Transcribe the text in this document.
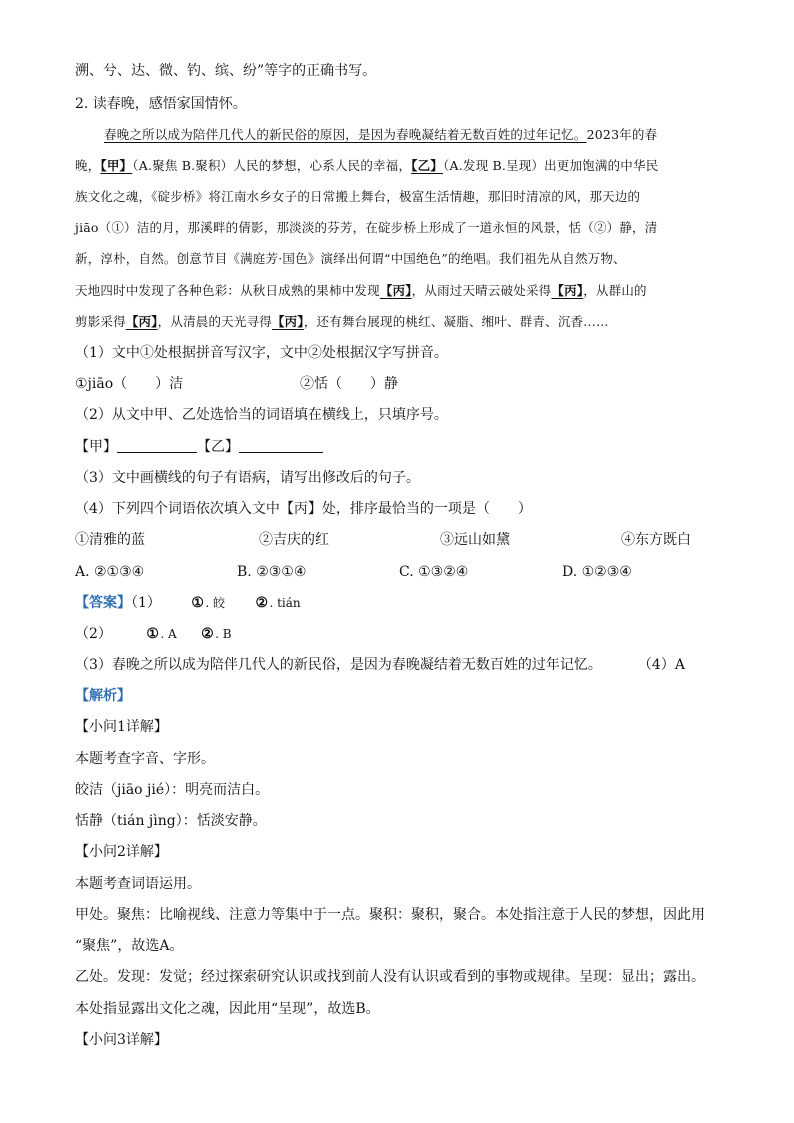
溯、兮、达、微、钓、缤、纷”等字的正确书写。
2. 读春晚，感悟家国情怀。
春晚之所以成为陪伴几代人的新民俗的原因，是因为春晚凝结着无数百姓的过年记忆。2023年的春
晚，【甲】（A.聚焦 B.聚积）人民的梦想，心系人民的幸福，【乙】（A.发现 B.呈现）出更加饱满的中华民
族文化之魂，《碇步桥》将江南水乡女子的日常搬上舞台，极富生活情趣，那旧时清凉的风，那天边的
jiāo（①）洁的月，那溪畔的倩影，那淡淡的芬芳，在碇步桥上形成了一道永恒的风景，恬（②）静，清
新，淳朴，自然。创意节目《满庭芳·国色》演绎出何谓“中国绝色”的绝唱。我们祖先从自然万物、
天地四时中发现了各种色彩：从秋日成熟的果柿中发现【丙】，从雨过天晴云破处采得【丙】，从群山的
剪影采得【丙】，从清晨的天光寻得【丙】，还有舞台展现的桃红、凝脂、缃叶、群青、沉香……
（1）文中①处根据拼音写汉字，文中②处根据汉字写拼音。
①jiāo（　　）洁	②恬（　　）静
（2）从文中甲、乙处选恰当的词语填在横线上，只填序号。
【甲】	【乙】
（3）文中画横线的句子有语病，请写出修改后的句子。
（4）下列四个词语依次填入文中【丙】处，排序最恰当的一项是（　　）
①清雅的蓝	②吉庆的红	③远山如黛	④东方既白
A. ②①③④	B. ②③①④	C. ①③②④	D. ①②③④
【答案】（1） ①. 皎 ②. tián
（2） ①. A ②. B
（3）春晚之所以成为陪伴几代人的新民俗，是因为春晚凝结着无数百姓的过年记忆。	（4）A
【解析】
【小问1详解】
本题考查字音、字形。
皎洁（jiāo jié）：明亮而洁白。
恬静（tián jìng）：恬淡安静。
【小问2详解】
本题考查词语运用。
甲处。聚焦：比喻视线、注意力等集中于一点。聚积：聚积，聚合。本处指注意于人民的梦想，因此用
“聚焦”，故选A。
乙处。发现：发觉；经过探索研究认识或找到前人没有认识或看到的事物或规律。呈现：显出；露出。
本处指显露出文化之魂，因此用“呈现”，故选B。
【小问3详解】
